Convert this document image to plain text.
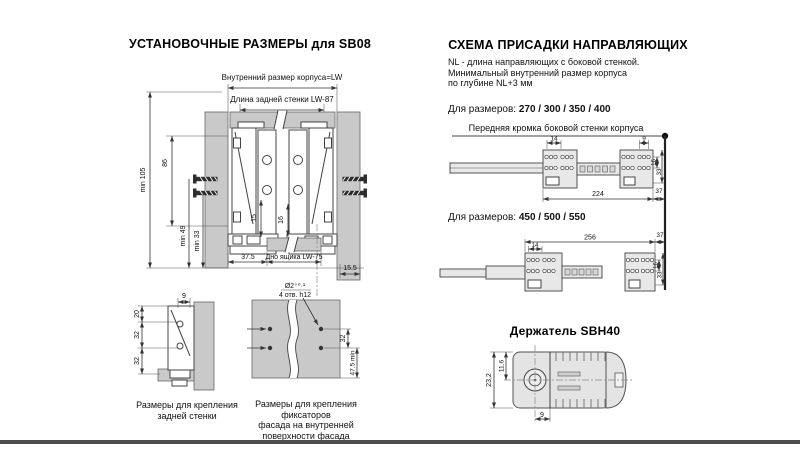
УСТАНОВОЧНЫЕ РАЗМЕРЫ для SB08	СХЕМА ПРИСАДКИ НАПРАВЛЯЮЩИХ
NL - длина направляющих с боковой стенкой.
Минимальный внутренний размер корпуса
по глубине NL+3 мм
Для размеров: 270 / 300 / 350 / 400
Для размеров: 450 / 500 / 550
Держатель SBH40
Внутренний размер корпуса=LW
Длина задней стенки LW-87
min 105
86
min 49 min 33
15	16
37.5 Дно ящика LW-75
15.5
9
20
32
32
Размеры для крепления
задней стенки
Ø2⁺⁰·¹
4 отв. h12
32
47.5 min
Размеры для крепления фиксаторов
фасада на внутренней
поверхности фасада
Передняя кромка боковой стенки корпуса
14	9
16
33
224	37
256	37
14
16
33
23,2
11,6
9
